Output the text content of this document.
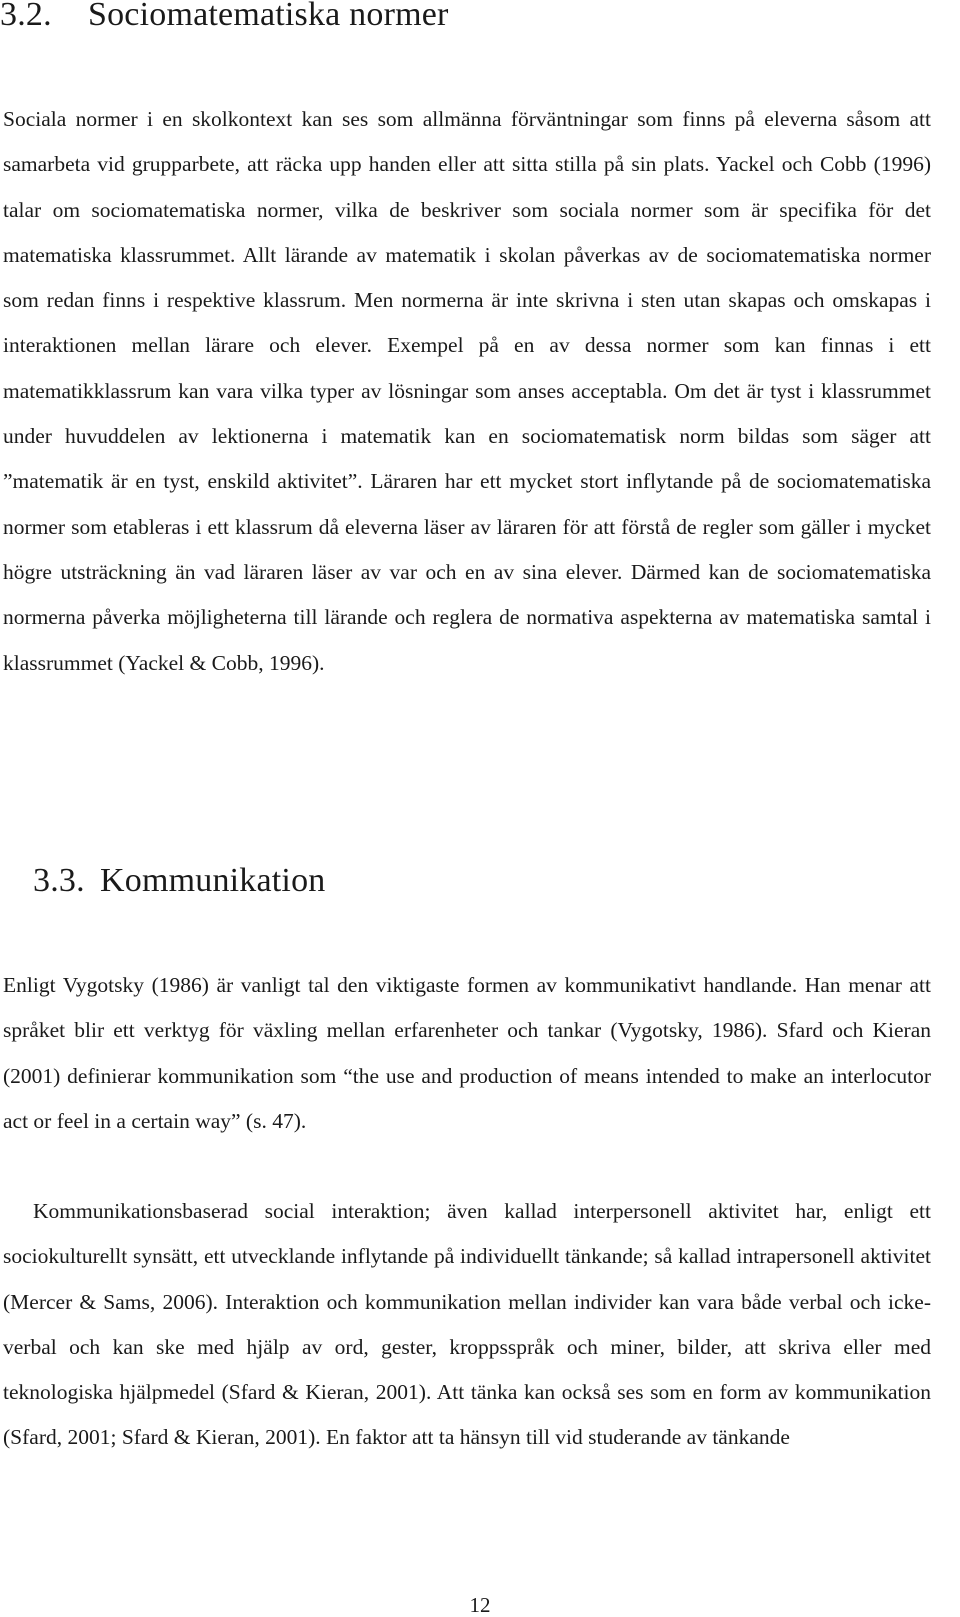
3.2. Sociomatematiska normer

Sociala normer i en skolkontext kan ses som allmänna förväntningar som finns på eleverna såsom att samarbeta vid grupparbete, att räcka upp handen eller att sitta stilla på sin plats. Yackel och Cobb (1996) talar om sociomatematiska normer, vilka de beskriver som sociala normer som är specifika för det matematiska klassrummet. Allt lärande av matematik i skolan påverkas av de sociomatematiska normer som redan finns i respektive klassrum. Men normerna är inte skrivna i sten utan skapas och omskapas i interaktionen mellan lärare och elever. Exempel på en av dessa normer som kan finnas i ett matematikklassrum kan vara vilka typer av lösningar som anses acceptabla. Om det är tyst i klassrummet under huvuddelen av lektionerna i matematik kan en sociomatematisk norm bildas som säger att ”matematik är en tyst, enskild aktivitet”. Läraren har ett mycket stort inflytande på de sociomatematiska normer som etableras i ett klassrum då eleverna läser av läraren för att förstå de regler som gäller i mycket högre utsträckning än vad läraren läser av var och en av sina elever. Därmed kan de sociomatematiska normerna påverka möjligheterna till lärande och reglera de normativa aspekterna av matematiska samtal i klassrummet (Yackel & Cobb, 1996).

3.3. Kommunikation

Enligt Vygotsky (1986) är vanligt tal den viktigaste formen av kommunikativt handlande. Han menar att språket blir ett verktyg för växling mellan erfarenheter och tankar (Vygotsky, 1986). Sfard och Kieran (2001) definierar kommunikation som “the use and production of means intended to make an interlocutor act or feel in a certain way” (s. 47).

Kommunikationsbaserad social interaktion; även kallad interpersonell aktivitet har, enligt ett sociokulturellt synsätt, ett utvecklande inflytande på individuellt tänkande; så kallad intrapersonell aktivitet (Mercer & Sams, 2006). Interaktion och kommunikation mellan individer kan vara både verbal och icke-verbal och kan ske med hjälp av ord, gester, kroppsspråk och miner, bilder, att skriva eller med teknologiska hjälpmedel (Sfard & Kieran, 2001). Att tänka kan också ses som en form av kommunikation (Sfard, 2001; Sfard & Kieran, 2001). En faktor att ta hänsyn till vid studerande av tänkande

12
